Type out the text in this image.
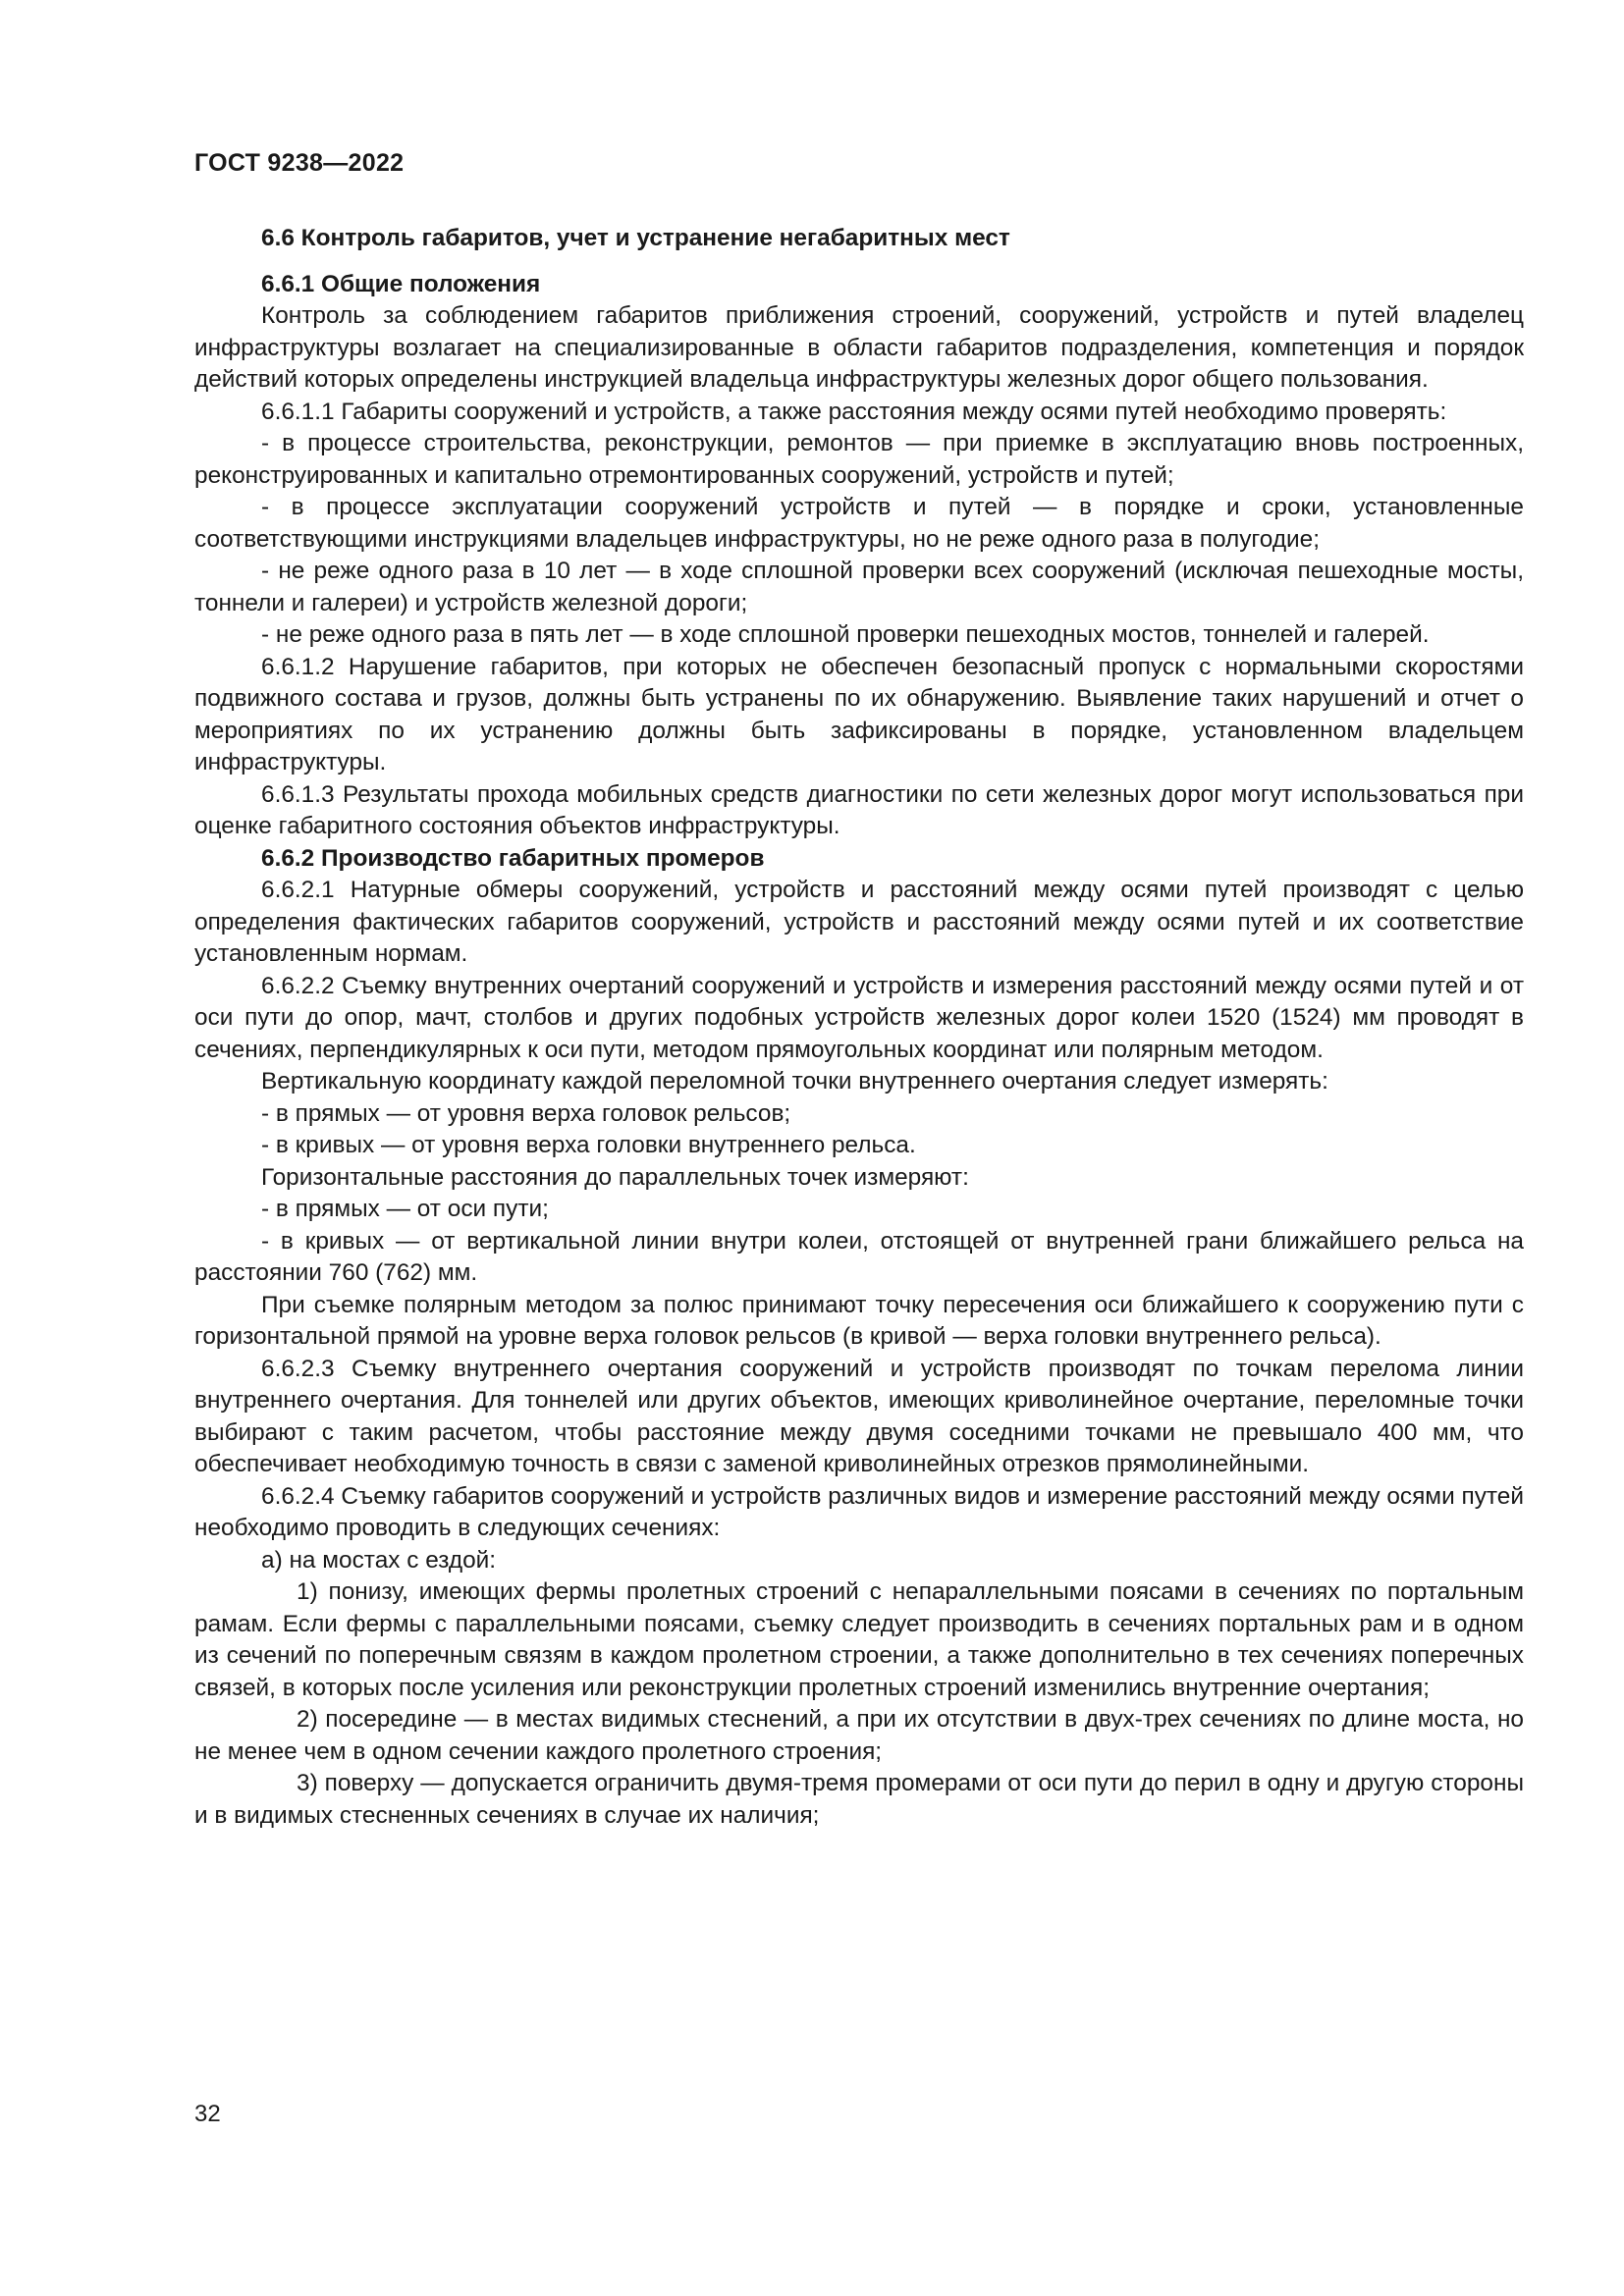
ГОСТ 9238—2022

6.6 Контроль габаритов, учет и устранение негабаритных мест

6.6.1 Общие положения

Контроль за соблюдением габаритов приближения строений, сооружений, устройств и путей владелец инфраструктуры возлагает на специализированные в области габаритов подразделения, компетенция и порядок действий которых определены инструкцией владельца инфраструктуры железных дорог общего пользования.

6.6.1.1 Габариты сооружений и устройств, а также расстояния между осями путей необходимо проверять:

- в процессе строительства, реконструкции, ремонтов — при приемке в эксплуатацию вновь построенных, реконструированных и капитально отремонтированных сооружений, устройств и путей;

- в процессе эксплуатации сооружений устройств и путей — в порядке и сроки, установленные соответствующими инструкциями владельцев инфраструктуры, но не реже одного раза в полугодие;

- не реже одного раза в 10 лет — в ходе сплошной проверки всех сооружений (исключая пешеходные мосты, тоннели и галереи) и устройств железной дороги;

- не реже одного раза в пять лет — в ходе сплошной проверки пешеходных мостов, тоннелей и галерей.

6.6.1.2 Нарушение габаритов, при которых не обеспечен безопасный пропуск с нормальными скоростями подвижного состава и грузов, должны быть устранены по их обнаружению. Выявление таких нарушений и отчет о мероприятиях по их устранению должны быть зафиксированы в порядке, установленном владельцем инфраструктуры.

6.6.1.3 Результаты прохода мобильных средств диагностики по сети железных дорог могут использоваться при оценке габаритного состояния объектов инфраструктуры.

6.6.2 Производство габаритных промеров

6.6.2.1 Натурные обмеры сооружений, устройств и расстояний между осями путей производят с целью определения фактических габаритов сооружений, устройств и расстояний между осями путей и их соответствие установленным нормам.

6.6.2.2 Съемку внутренних очертаний сооружений и устройств и измерения расстояний между осями путей и от оси пути до опор, мачт, столбов и других подобных устройств железных дорог колеи 1520 (1524) мм проводят в сечениях, перпендикулярных к оси пути, методом прямоугольных координат или полярным методом.

Вертикальную координату каждой переломной точки внутреннего очертания следует измерять:

- в прямых — от уровня верха головок рельсов;

- в кривых — от уровня верха головки внутреннего рельса.

Горизонтальные расстояния до параллельных точек измеряют:

- в прямых — от оси пути;

- в кривых — от вертикальной линии внутри колеи, отстоящей от внутренней грани ближайшего рельса на расстоянии 760 (762) мм.

При съемке полярным методом за полюс принимают точку пересечения оси ближайшего к сооружению пути с горизонтальной прямой на уровне верха головок рельсов (в кривой — верха головки внутреннего рельса).

6.6.2.3 Съемку внутреннего очертания сооружений и устройств производят по точкам перелома линии внутреннего очертания. Для тоннелей или других объектов, имеющих криволинейное очертание, переломные точки выбирают с таким расчетом, чтобы расстояние между двумя соседними точками не превышало 400 мм, что обеспечивает необходимую точность в связи с заменой криволинейных отрезков прямолинейными.

6.6.2.4 Съемку габаритов сооружений и устройств различных видов и измерение расстояний между осями путей необходимо проводить в следующих сечениях:

а) на мостах с ездой:

1) понизу, имеющих фермы пролетных строений с непараллельными поясами в сечениях по портальным рамам. Если фермы с параллельными поясами, съемку следует производить в сечениях портальных рам и в одном из сечений по поперечным связям в каждом пролетном строении, а также дополнительно в тех сечениях поперечных связей, в которых после усиления или реконструкции пролетных строений изменились внутренние очертания;

2) посередине — в местах видимых стеснений, а при их отсутствии в двух-трех сечениях по длине моста, но не менее чем в одном сечении каждого пролетного строения;

3) поверху — допускается ограничить двумя-тремя промерами от оси пути до перил в одну и другую стороны и в видимых стесненных сечениях в случае их наличия;

32
